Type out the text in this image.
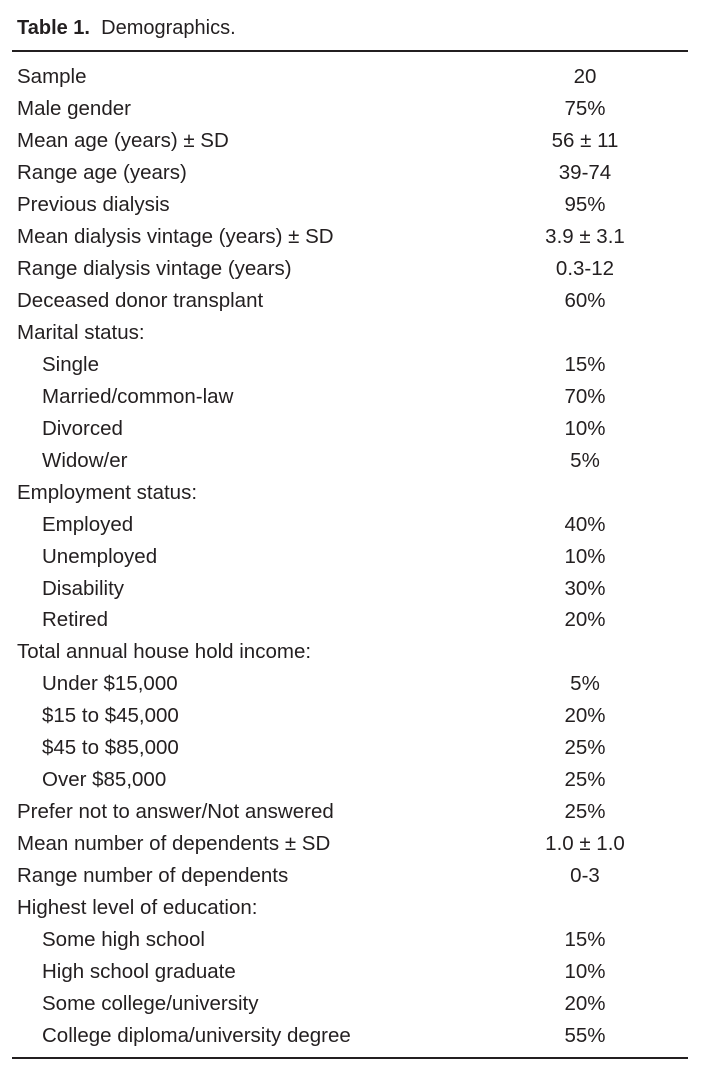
Table 1. Demographics.
Sample	20
Male gender	75%
Mean age (years) ± SD	56 ± 11
Range age (years)	39-74
Previous dialysis	95%
Mean dialysis vintage (years) ± SD	3.9 ± 3.1
Range dialysis vintage (years)	0.3-12
Deceased donor transplant	60%
Marital status:
Single	15%
Married/common-law	70%
Divorced	10%
Widow/er	5%
Employment status:
Employed	40%
Unemployed	10%
Disability	30%
Retired	20%
Total annual house hold income:
Under $15,000	5%
$15 to $45,000	20%
$45 to $85,000	25%
Over $85,000	25%
Prefer not to answer/Not answered	25%
Mean number of dependents ± SD	1.0 ± 1.0
Range number of dependents	0-3
Highest level of education:
Some high school	15%
High school graduate	10%
Some college/university	20%
College diploma/university degree	55%
